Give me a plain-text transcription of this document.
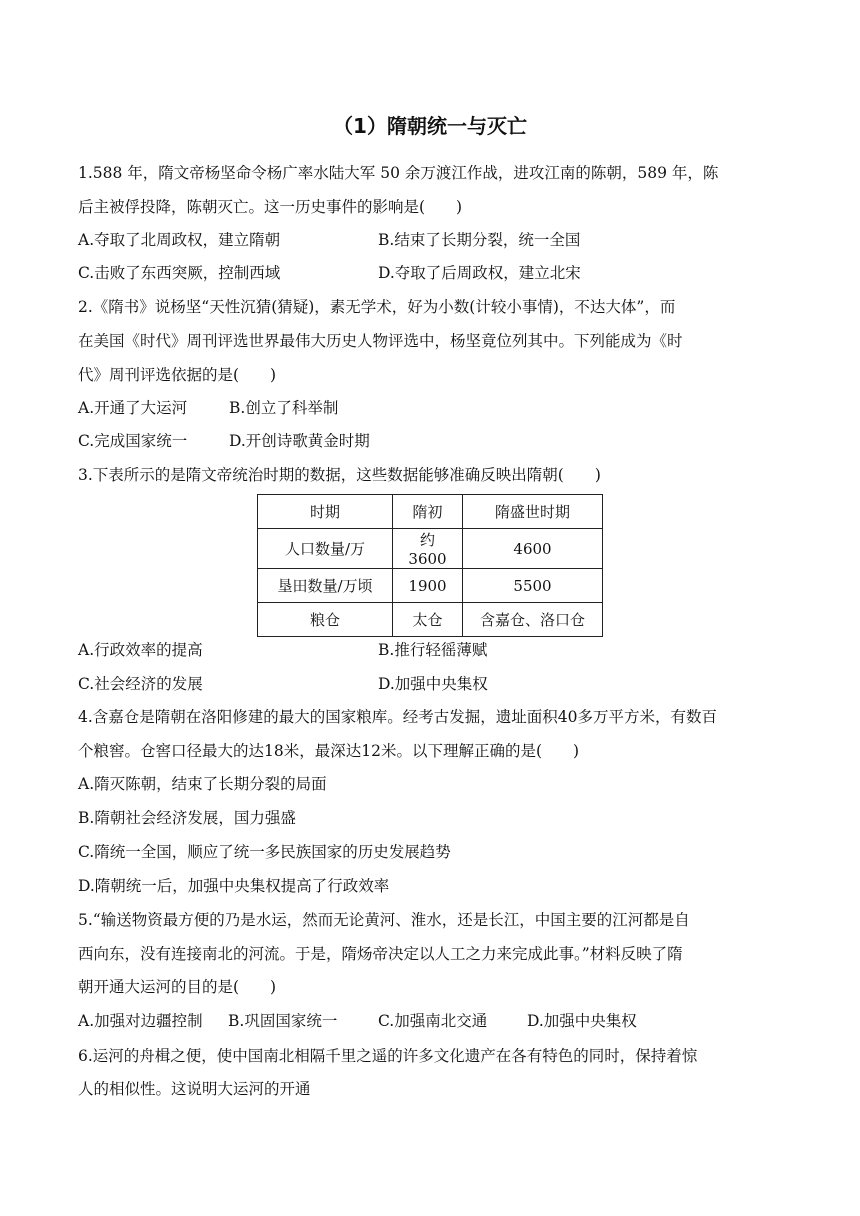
（1）隋朝统一与灭亡
1.588 年，隋文帝杨坚命令杨广率水陆大军 50 余万渡江作战，进攻江南的陈朝，589 年，陈
后主被俘投降，陈朝灭亡。这一历史事件的影响是(　　)
A.夺取了北周政权，建立隋朝	B.结束了长期分裂，统一全国
C.击败了东西突厥，控制西域	D.夺取了后周政权，建立北宋
2.《隋书》说杨坚“天性沉猜(猜疑)，素无学术，好为小数(计较小事情)，不达大体”，而
在美国《时代》周刊评选世界最伟大历史人物评选中，杨坚竟位列其中。下列能成为《时
代》周刊评选依据的是(　　)
A.开通了大运河	B.创立了科举制
C.完成国家统一	D.开创诗歌黄金时期
3.下表所示的是隋文帝统治时期的数据，这些数据能够准确反映出隋朝(　　)
时期	隋初	隋盛世时期
人口数量/万	约 3600	4600
垦田数量/万顷	1900	5500
粮仓	太仓	含嘉仓、洛口仓
A.行政效率的提高	B.推行轻徭薄赋
C.社会经济的发展	D.加强中央集权
4.含嘉仓是隋朝在洛阳修建的最大的国家粮库。经考古发掘，遗址面积40多万平方米，有数百
个粮窖。仓窖口径最大的达18米，最深达12米。以下理解正确的是(　　)
A.隋灭陈朝，结束了长期分裂的局面
B.隋朝社会经济发展，国力强盛
C.隋统一全国，顺应了统一多民族国家的历史发展趋势
D.隋朝统一后，加强中央集权提高了行政效率
5.“输送物资最方便的乃是水运，然而无论黄河、淮水，还是长江，中国主要的江河都是自
西向东，没有连接南北的河流。于是，隋炀帝决定以人工之力来完成此事。”材料反映了隋
朝开通大运河的目的是(　　)
A.加强对边疆控制 B.巩固国家统一	C.加强南北交通	D.加强中央集权
6.运河的舟楫之便，使中国南北相隔千里之遥的许多文化遗产在各有特色的同时，保持着惊
人的相似性。这说明大运河的开通
